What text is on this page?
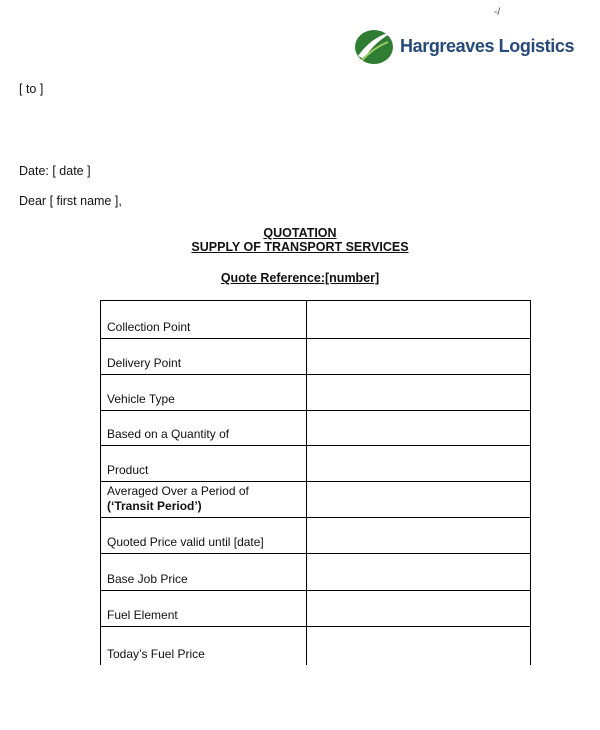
-/
Hargreaves Logistics
[ to ]
Date: [ date ]
Dear [ first name ],
QUOTATION
SUPPLY OF TRANSPORT SERVICES
Quote Reference:[number]
Collection Point	
Delivery Point	
Vehicle Type	
Based on a Quantity of	
Product	

Averaged Over a Period of
(‘Transit Period’)	

Quoted Price valid until [date]	
Base Job Price	
Fuel Element	
Today’s Fuel Price	
